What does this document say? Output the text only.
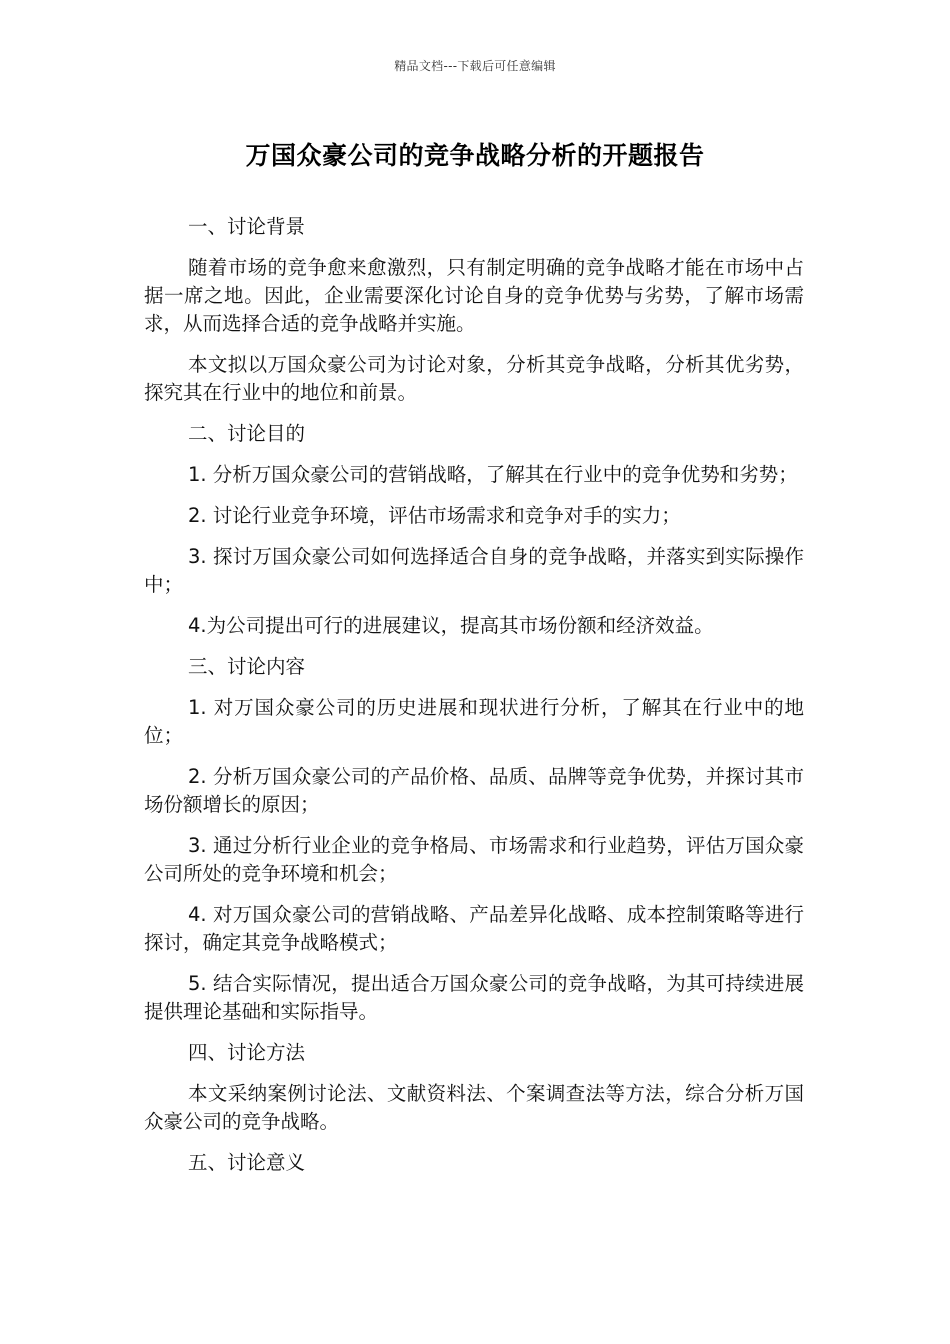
精品文档---下载后可任意编辑
万国众豪公司的竞争战略分析的开题报告

一、讨论背景

随着市场的竞争愈来愈激烈，只有制定明确的竞争战略才能在市场中占据一席之地。因此，企业需要深化讨论自身的竞争优势与劣势，了解市场需求，从而选择合适的竞争战略并实施。

本文拟以万国众豪公司为讨论对象，分析其竞争战略，分析其优劣势，探究其在行业中的地位和前景。

二、讨论目的

1. 分析万国众豪公司的营销战略，了解其在行业中的竞争优势和劣势；

2. 讨论行业竞争环境，评估市场需求和竞争对手的实力；

3. 探讨万国众豪公司如何选择适合自身的竞争战略，并落实到实际操作中；

4.为公司提出可行的进展建议，提高其市场份额和经济效益。

三、讨论内容

1. 对万国众豪公司的历史进展和现状进行分析，了解其在行业中的地位；

2. 分析万国众豪公司的产品价格、品质、品牌等竞争优势，并探讨其市场份额增长的原因；

3. 通过分析行业企业的竞争格局、市场需求和行业趋势，评估万国众豪公司所处的竞争环境和机会；

4. 对万国众豪公司的营销战略、产品差异化战略、成本控制策略等进行探讨，确定其竞争战略模式；

5. 结合实际情况，提出适合万国众豪公司的竞争战略，为其可持续进展提供理论基础和实际指导。

四、讨论方法

本文采纳案例讨论法、文献资料法、个案调查法等方法，综合分析万国众豪公司的竞争战略。

五、讨论意义
